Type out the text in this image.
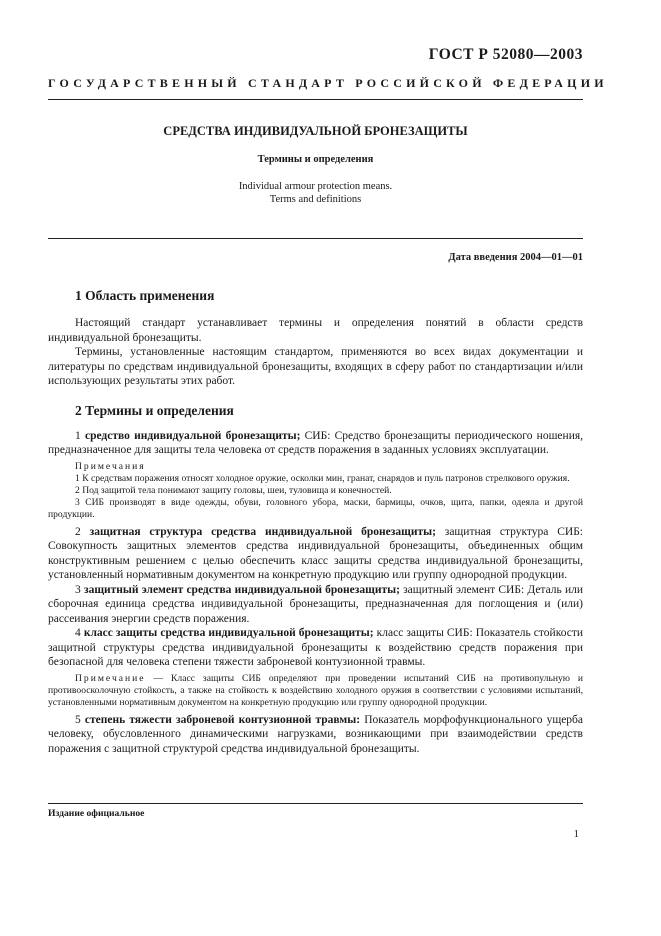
ГОСТ Р 52080—2003
ГОСУДАРСТВЕННЫЙ СТАНДАРТ РОССИЙСКОЙ ФЕДЕРАЦИИ
СРЕДСТВА ИНДИВИДУАЛЬНОЙ БРОНЕЗАЩИТЫ
Термины и определения
Individual armour protection means.
Terms and definitions
Дата введения 2004—01—01
1 Область применения

Настоящий стандарт устанавливает термины и определения понятий в области средств индивидуальной бронезащиты.

Термины, установленные настоящим стандартом, применяются во всех видах документации и литературы по средствам индивидуальной бронезащиты, входящих в сферу работ по стандартизации и/или использующих результаты этих работ.

2 Термины и определения

1 средство индивидуальной бронезащиты; СИБ: Средство бронезащиты периодического ношения, предназначенное для защиты тела человека от средств поражения в заданных условиях эксплуатации.

Примечания

1 К средствам поражения относят холодное оружие, осколки мин, гранат, снарядов и пуль патронов стрелкового оружия.

2 Под защитой тела понимают защиту головы, шеи, туловища и конечностей.

3 СИБ производят в виде одежды, обуви, головного убора, маски, бармицы, очков, щита, папки, одеяла и другой продукции.

2 защитная структура средства индивидуальной бронезащиты; защитная структура СИБ: Совокупность защитных элементов средства индивидуальной бронезащиты, объединенных общим конструктивным решением с целью обеспечить класс защиты средства индивидуальной бронезащиты, установленный нормативным документом на конкретную продукцию или группу однородной продукции.

3 защитный элемент средства индивидуальной бронезащиты; защитный элемент СИБ: Деталь или сборочная единица средства индивидуальной бронезащиты, предназначенная для поглощения и (или) рассеивания энергии средств поражения.

4 класс защиты средства индивидуальной бронезащиты; класс защиты СИБ: Показатель стойкости защитной структуры средства индивидуальной бронезащиты к воздействию средств поражения при безопасной для человека степени тяжести заброневой контузионной травмы.

Примечание — Класс защиты СИБ определяют при проведении испытаний СИБ на противопульную и противоосколочную стойкость, а также на стойкость к воздействию холодного оружия в соответствии с условиями испытаний, установленными нормативным документом на конкретную продукцию или группу однородной продукции.

5 степень тяжести заброневой контузионной травмы: Показатель морфофункционального ущерба человеку, обусловленного динамическими нагрузками, возникающими при взаимодействии средств поражения с защитной структурой средства индивидуальной бронезащиты.

Издание официальное
1
